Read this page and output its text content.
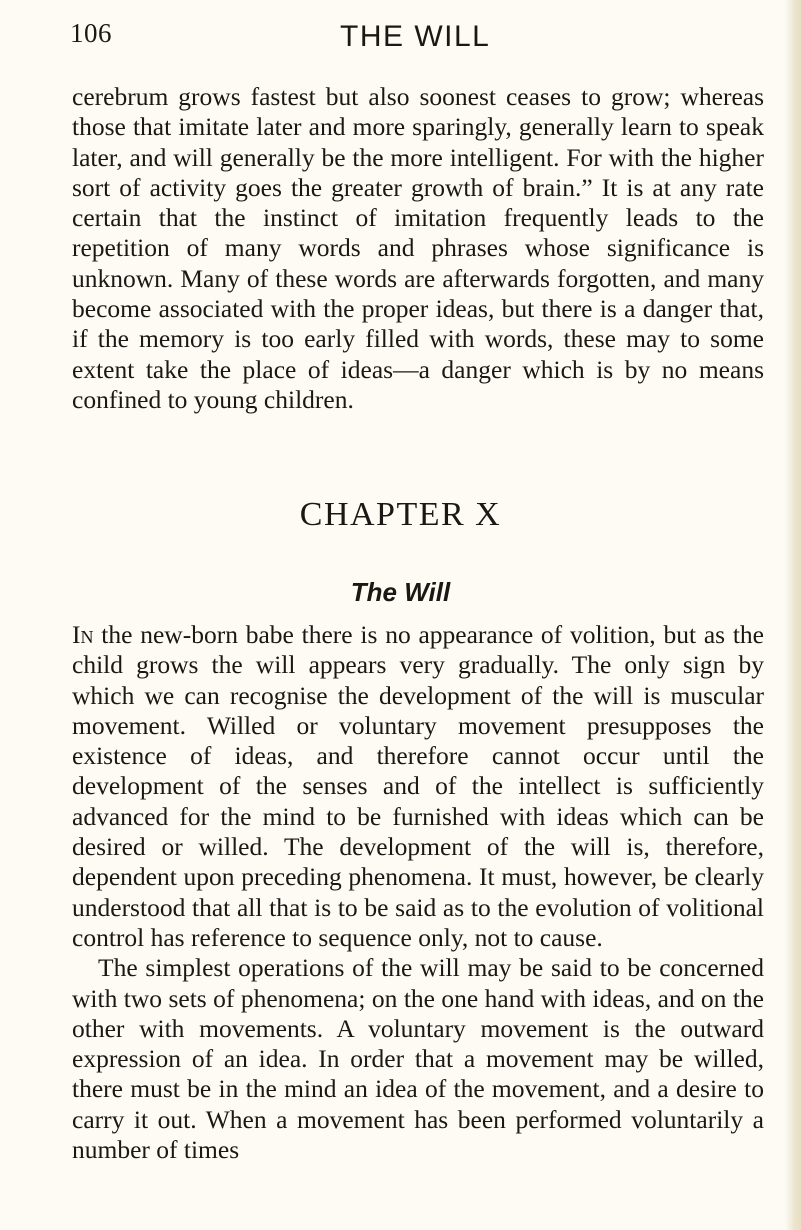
106	THE WILL

cerebrum grows fastest but also soonest ceases to grow; whereas those that imitate later and more sparingly, generally learn to speak later, and will generally be the more intelligent. For with the higher sort of activity goes the greater growth of brain.” It is at any rate certain that the instinct of imitation frequently leads to the repetition of many words and phrases whose significance is unknown. Many of these words are afterwards forgotten, and many become associated with the proper ideas, but there is a danger that, if the memory is too early filled with words, these may to some extent take the place of ideas—a danger which is by no means confined to young children.

CHAPTER X
The Will

In the new-born babe there is no appearance of volition, but as the child grows the will appears very gradually. The only sign by which we can recognise the development of the will is muscular movement. Willed or voluntary movement presupposes the existence of ideas, and therefore cannot occur until the development of the senses and of the intellect is sufficiently advanced for the mind to be furnished with ideas which can be desired or willed. The development of the will is, therefore, dependent upon preceding phenomena. It must, however, be clearly understood that all that is to be said as to the evolution of volitional control has reference to sequence only, not to cause.

The simplest operations of the will may be said to be concerned with two sets of phenomena; on the one hand with ideas, and on the other with movements. A voluntary movement is the outward expression of an idea. In order that a movement may be willed, there must be in the mind an idea of the movement, and a desire to carry it out. When a movement has been performed voluntarily a number of times
